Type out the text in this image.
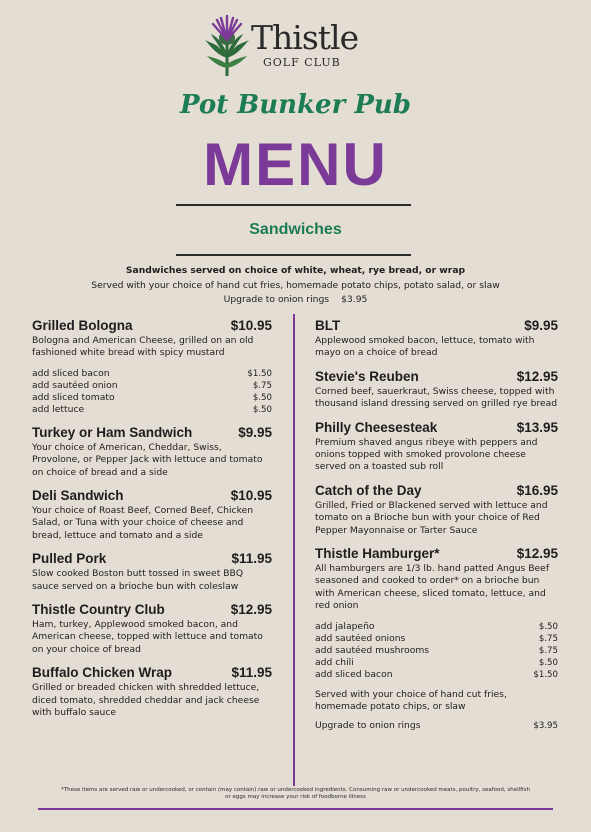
Thistle
GOLF CLUB
Pot Bunker Pub
MENU
Sandwiches
Sandwiches served on choice of white, wheat, rye bread, or wrap
Served with your choice of hand cut fries, homemade potato chips, potato salad, or slaw
Upgrade to onion rings $3.95
Grilled Bologna	$10.95
Bologna and American Cheese, grilled on an old fashioned white bread with spicy mustard
add sliced bacon	$1.50
add sautéed onion	$.75
add sliced tomato	$.50
add lettuce	$.50
Turkey or Ham Sandwich	$9.95
Your choice of American, Cheddar, Swiss, Provolone, or Pepper Jack with lettuce and tomato on choice of bread and a side
Deli Sandwich	$10.95
Your choice of Roast Beef, Corned Beef, Chicken Salad, or Tuna with your choice of cheese and bread, lettuce and tomato and a side
Pulled Pork	$11.95
Slow cooked Boston butt tossed in sweet BBQ sauce served on a brioche bun with coleslaw
Thistle Country Club	$12.95
Ham, turkey, Applewood smoked bacon, and American cheese, topped with lettuce and tomato on your choice of bread
Buffalo Chicken Wrap	$11.95
Grilled or breaded chicken with shredded lettuce, diced tomato, shredded cheddar and jack cheese with buffalo sauce
BLT	$9.95
Applewood smoked bacon, lettuce, tomato with mayo on a choice of bread
Stevie's Reuben	$12.95
Corned beef, sauerkraut, Swiss cheese, topped with thousand island dressing served on grilled rye bread
Philly Cheesesteak	$13.95
Premium shaved angus ribeye with peppers and onions topped with smoked provolone cheese served on a toasted sub roll
Catch of the Day	$16.95
Grilled, Fried or Blackened served with lettuce and tomato on a Brioche bun with your choice of Red Pepper Mayonnaise or Tarter Sauce
Thistle Hamburger*	$12.95
All hamburgers are 1/3 lb. hand patted Angus Beef seasoned and cooked to order* on a brioche bun with American cheese, sliced tomato, lettuce, and red onion
add jalapeño	$.50
add sautéed onions	$.75
add sautéed mushrooms	$.75
add chili	$.50
add sliced bacon	$1.50
Served with your choice of hand cut fries, homemade potato chips, or slaw
Upgrade to onion rings	$3.95
*These items are served raw or undercooked, or contain (may contain) raw or undercooked ingredients. Consuming raw or undercooked meats, poultry, seafood, shellfish or eggs may increase your risk of foodborne illness
